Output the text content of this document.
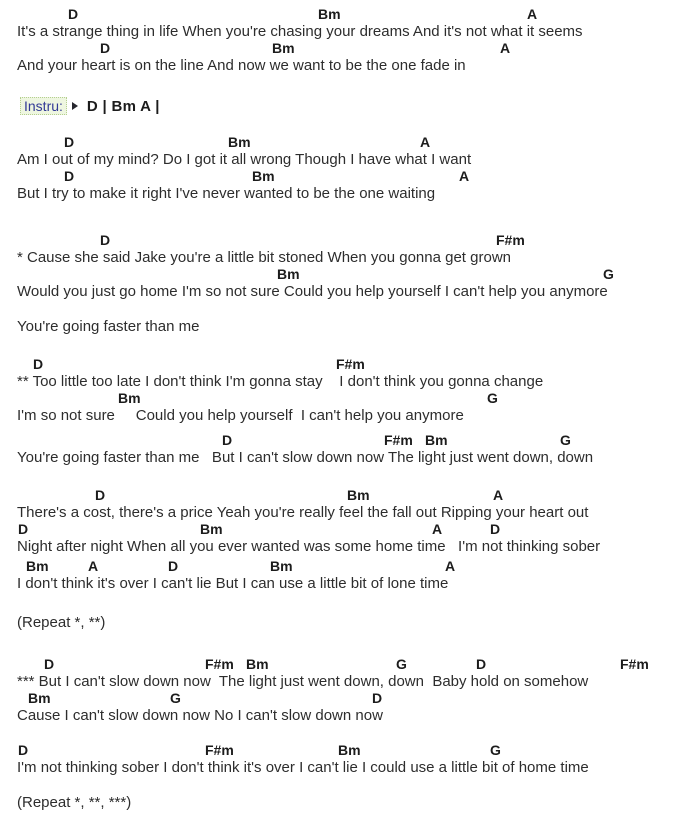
D	Bm	A
It's a strange thing in life When you're chasing your dreams And it's not what it seems
D	Bm	A
And your heart is on the line And now we want to be the one fade in
Instru: D | Bm A |
D	Bm	A
Am I out of my mind? Do I got it all wrong Though I have what I want
D	Bm	A
But I try to make it right I've never wanted to be the one waiting
D	F#m
* Cause she said Jake you're a little bit stoned When you gonna get grown
Bm	G
Would you just go home I'm so not sure Could you help yourself I can't help you anymore
You're going faster than me
D	F#m
** Too little too late I don't think I'm gonna stay    I don't think you gonna change
Bm	G
I'm so not sure     Could you help yourself  I can't help you anymore
D	F#m Bm	G
You're going faster than me   But I can't slow down now The light just went down, down
D	Bm	A
There's a cost, there's a price Yeah you're really feel the fall out Ripping your heart out
D	Bm	A	D
Night after night When all you ever wanted was some home time   I'm not thinking sober
Bm	A	D	Bm	A
I don't think it's over I can't lie But I can use a little bit of lone time
(Repeat *, **)
D	F#m Bm	G	D	F#m
*** But I can't slow down now  The light just went down, down  Baby hold on somehow
Bm	G	D
Cause I can't slow down now No I can't slow down now
D	F#m	Bm	G
I'm not thinking sober I don't think it's over I can't lie I could use a little bit of home time
(Repeat *, **, ***)
